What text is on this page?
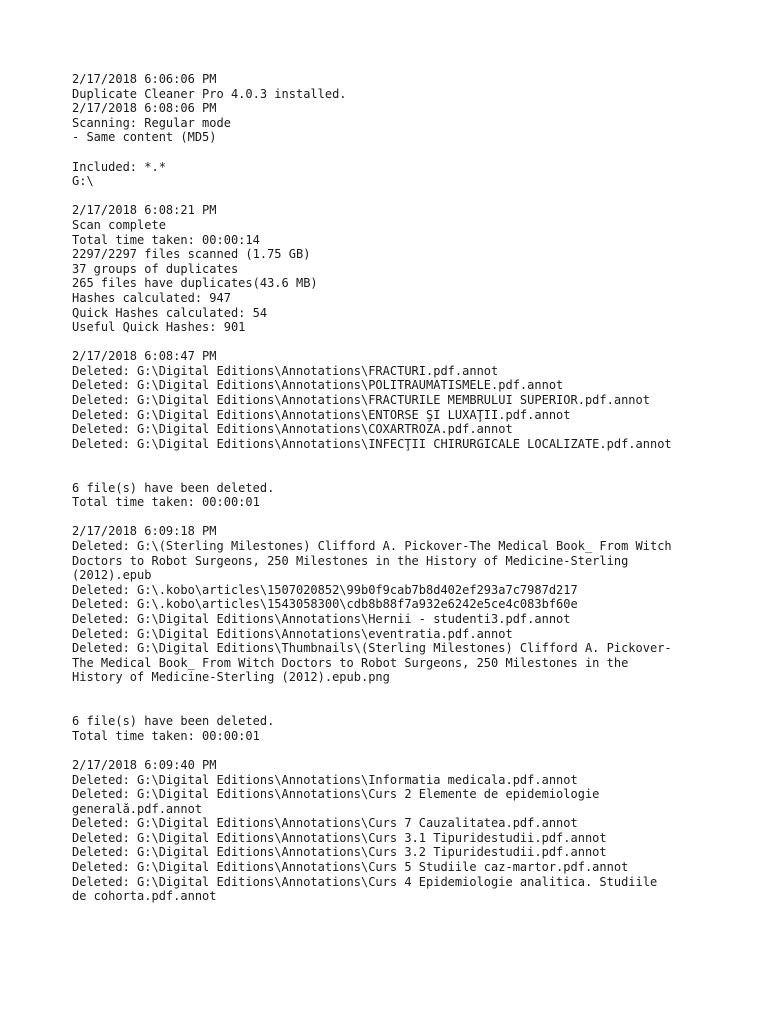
2/17/2018 6:06:06 PM
Duplicate Cleaner Pro 4.0.3 installed.
2/17/2018 6:08:06 PM
Scanning: Regular mode
- Same content (MD5)
Included: *.*
G:\
2/17/2018 6:08:21 PM
Scan complete
Total time taken: 00:00:14
2297/2297 files scanned (1.75 GB)
37 groups of duplicates
265 files have duplicates(43.6 MB)
Hashes calculated: 947
Quick Hashes calculated: 54
Useful Quick Hashes: 901
2/17/2018 6:08:47 PM
Deleted: G:\Digital Editions\Annotations\FRACTURI.pdf.annot
Deleted: G:\Digital Editions\Annotations\POLITRAUMATISMELE.pdf.annot
Deleted: G:\Digital Editions\Annotations\FRACTURILE MEMBRULUI SUPERIOR.pdf.annot
Deleted: G:\Digital Editions\Annotations\ENTORSE ŞI LUXAŢII.pdf.annot
Deleted: G:\Digital Editions\Annotations\COXARTROZA.pdf.annot
Deleted: G:\Digital Editions\Annotations\INFECŢII CHIRURGICALE LOCALIZATE.pdf.annot
6 file(s) have been deleted.
Total time taken: 00:00:01
2/17/2018 6:09:18 PM
Deleted: G:\(Sterling Milestones) Clifford A. Pickover-The Medical Book_ From Witch
Doctors to Robot Surgeons, 250 Milestones in the History of Medicine-Sterling
(2012).epub
Deleted: G:\.kobo\articles\1507020852\99b0f9cab7b8d402ef293a7c7987d217
Deleted: G:\.kobo\articles\1543058300\cdb8b88f7a932e6242e5ce4c083bf60e
Deleted: G:\Digital Editions\Annotations\Hernii - studenti3.pdf.annot
Deleted: G:\Digital Editions\Annotations\eventratia.pdf.annot
Deleted: G:\Digital Editions\Thumbnails\(Sterling Milestones) Clifford A. Pickover-
The Medical Book_ From Witch Doctors to Robot Surgeons, 250 Milestones in the
History of Medicine-Sterling (2012).epub.png
6 file(s) have been deleted.
Total time taken: 00:00:01
2/17/2018 6:09:40 PM
Deleted: G:\Digital Editions\Annotations\Informatia medicala.pdf.annot
Deleted: G:\Digital Editions\Annotations\Curs 2 Elemente de epidemiologie
generală.pdf.annot
Deleted: G:\Digital Editions\Annotations\Curs 7 Cauzalitatea.pdf.annot
Deleted: G:\Digital Editions\Annotations\Curs 3.1 Tipuridestudii.pdf.annot
Deleted: G:\Digital Editions\Annotations\Curs 3.2 Tipuridestudii.pdf.annot
Deleted: G:\Digital Editions\Annotations\Curs 5 Studiile caz-martor.pdf.annot
Deleted: G:\Digital Editions\Annotations\Curs 4 Epidemiologie analitica. Studiile
de cohorta.pdf.annot
